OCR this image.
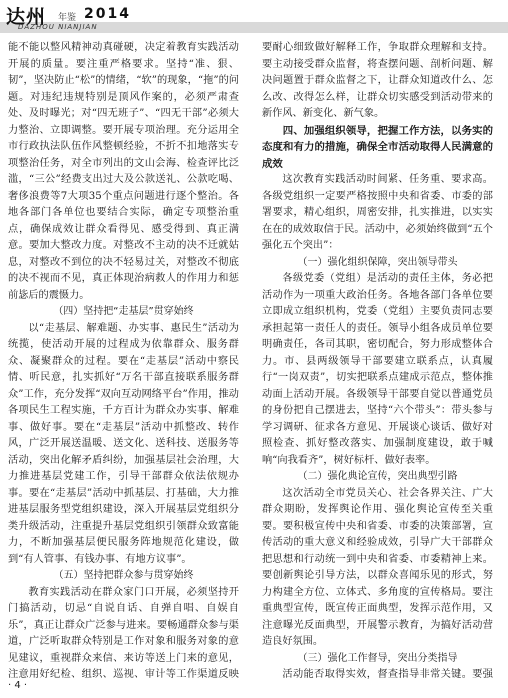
达州 年鉴 2014
DAZHOU NIANJIAN

能不能以整风精神动真碰硬，决定着教育实践活动开展的质量。要注重严格要求。坚持“准、狠、韧”，坚决防止“松”的情绪，“软”的现象，“拖”的问题。对违纪违规特别是顶风作案的，必须严肃查处、及时曝光；对“四无班子”、“四无干部”必须大力整治、立即调整。要开展专项治理。充分运用全市行政执法队伍作风整顿经验，不折不扣地落实专项整治任务，对全市列出的文山会海、检查评比泛滥，“三公”经费支出过大及公款送礼、公款吃喝、奢侈浪费等7大项35个重点问题进行逐个整治。各地各部门各单位也要结合实际，确定专项整治重点，确保成效让群众看得见、感受得到、真正满意。要加大整改力度。对整改不主动的决不迁就姑息，对整改不到位的决不轻易过关，对整改不彻底的决不视而不见，真正体现治病救人的作用力和惩前毖后的震慑力。

（四）坚持把“走基层”贯穿始终

以“走基层、解难题、办实事、惠民生”活动为统揽，使活动开展的过程成为依靠群众、服务群众、凝聚群众的过程。要在“走基层”活动中察民情、听民意，扎实抓好“万名干部直接联系服务群众”工作，充分发挥“双向互动网络平台”作用，推动各项民生工程实施，千方百计为群众办实事、解难事、做好事。要在“走基层”活动中抓整改、转作风，广泛开展送温暖、送文化、送科技、送服务等活动，突出化解矛盾纠纷，加强基层社会治理，大力推进基层党建工作，引导干部群众依法依规办事。要在“走基层”活动中抓基层、打基础，大力推进基层服务型党组织建设，深入开展基层党组织分类升级活动，注重提升基层党组织引领群众致富能力，不断加强基层便民服务阵地规范化建设，做到“有人管事、有钱办事、有地方议事”。

（五）坚持把群众参与贯穿始终

教育实践活动在群众家门口开展，必须坚持开门搞活动，切忌“自说自话、自弹自唱、自娱自乐”，真正让群众广泛参与进来。要畅通群众参与渠道，广泛听取群众特别是工作对象和服务对象的意见建议，重视群众来信、来访等送上门来的意见，注意用好纪检、组织、巡视、审计等工作渠道反映

要耐心细致做好解释工作，争取群众理解和支持。要主动接受群众监督，将查摆问题、剖析问题、解决问题置于群众监督之下，让群众知道改什么、怎么改、改得怎么样，让群众切实感受到活动带来的新作风、新变化、新气象。

四、加强组织领导，把握工作方法，以务实的态度和有力的措施，确保全市活动取得人民满意的成效

这次教育实践活动时间紧、任务重、要求高。各级党组织一定要严格按照中央和省委、市委的部署要求，精心组织，周密安排，扎实推进，以实实在在的成效取信于民。活动中，必须始终做到“五个强化五个突出”：

（一）强化组织保障，突出领导带头

各级党委（党组）是活动的责任主体，务必把活动作为一项重大政治任务。各地各部门各单位要立即成立组织机构，党委（党组）主要负责同志要承担起第一责任人的责任。领导小组各成员单位要明确责任，各司其职，密切配合，努力形成整体合力。市、县两级领导干部要建立联系点，认真履行“一岗双责”，切实把联系点建成示范点，整体推动面上活动开展。各级领导干部要自觉以普通党员的身份把自己摆进去，坚持“六个带头”：带头参与学习调研、征求各方意见、开展谈心谈话、做好对照检查、抓好整改落实、加强制度建设，敢于喊响“向我看齐”，树好标杆、做好表率。

（二）强化典论宣传，突出典型引路

这次活动全市党员关心、社会各界关注、广大群众期盼，发挥舆论作用、强化舆论宣传至关重要。要积极宣传中央和省委、市委的决策部署，宣传活动的重大意义和经验成效，引导广大干部群众把思想和行动统一到中央和省委、市委精神上来。要创新舆论引导方法，以群众喜闻乐见的形式，努力构建全方位、立体式、多角度的宣传格局。要注重典型宣传，既宣传正面典型，发挥示范作用，又注意曝光反面典型，开展警示教育，为搞好活动营造良好氛围。

（三）强化工作督导，突出分类指导

活动能否取得实效，督查指导非常关键。要强

· 4 ·
